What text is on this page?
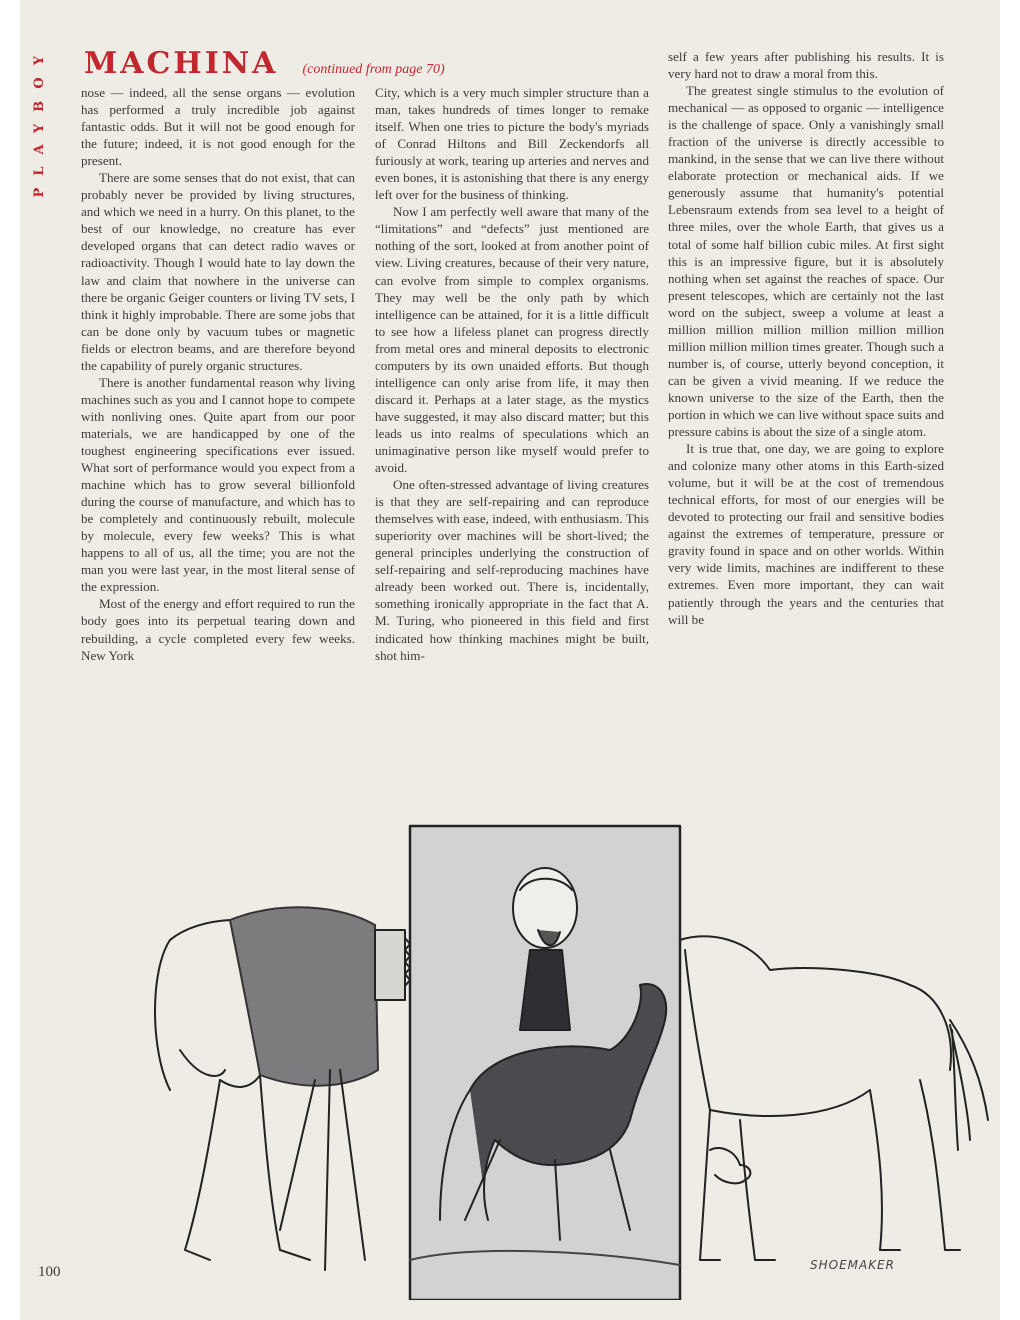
PLAYBOY MACHINA (continued from page 70)

nose — indeed, all the sense organs — evolution has performed a truly incredible job against fantastic odds. But it will not be good enough for the future; indeed, it is not good enough for the present.

There are some senses that do not exist, that can probably never be provided by living structures, and which we need in a hurry. On this planet, to the best of our knowledge, no creature has ever developed organs that can detect radio waves or radioactivity. Though I would hate to lay down the law and claim that nowhere in the universe can there be organic Geiger counters or living TV sets, I think it highly improbable. There are some jobs that can be done only by vacuum tubes or magnetic fields or electron beams, and are therefore beyond the capability of purely organic structures.

There is another fundamental reason why living machines such as you and I cannot hope to compete with nonliving ones. Quite apart from our poor materials, we are handicapped by one of the toughest engineering specifications ever issued. What sort of performance would you expect from a machine which has to grow several billionfold during the course of manufacture, and which has to be completely and continuously rebuilt, molecule by molecule, every few weeks? This is what happens to all of us, all the time; you are not the man you were last year, in the most literal sense of the expression.

Most of the energy and effort required to run the body goes into its perpetual tearing down and rebuilding, a cycle completed every few weeks. New York

City, which is a very much simpler structure than a man, takes hundreds of times longer to remake itself. When one tries to picture the body's myriads of Conrad Hiltons and Bill Zeckendorfs all furiously at work, tearing up arteries and nerves and even bones, it is astonishing that there is any energy left over for the business of thinking.

Now I am perfectly well aware that many of the “limitations” and “defects” just mentioned are nothing of the sort, looked at from another point of view. Living creatures, because of their very nature, can evolve from simple to complex organisms. They may well be the only path by which intelligence can be attained, for it is a little difficult to see how a lifeless planet can progress directly from metal ores and mineral deposits to electronic computers by its own unaided efforts. But though intelligence can only arise from life, it may then discard it. Perhaps at a later stage, as the mystics have suggested, it may also discard matter; but this leads us into realms of speculations which an unimaginative person like myself would prefer to avoid.

One often-stressed advantage of living creatures is that they are self-repairing and can reproduce themselves with ease, indeed, with enthusiasm. This superiority over machines will be short-lived; the general principles underlying the construction of self-repairing and self-reproducing machines have already been worked out. There is, incidentally, something ironically appropriate in the fact that A. M. Turing, who pioneered in this field and first indicated how thinking machines might be built, shot him-

self a few years after publishing his results. It is very hard not to draw a moral from this.

The greatest single stimulus to the evolution of mechanical — as opposed to organic — intelligence is the challenge of space. Only a vanishingly small fraction of the universe is directly accessible to mankind, in the sense that we can live there without elaborate protection or mechanical aids. If we generously assume that humanity's potential Lebensraum extends from sea level to a height of three miles, over the whole Earth, that gives us a total of some half billion cubic miles. At first sight this is an impressive figure, but it is absolutely nothing when set against the reaches of space. Our present telescopes, which are certainly not the last word on the subject, sweep a volume at least a million million million million million million million million million times greater. Though such a number is, of course, utterly beyond conception, it can be given a vivid meaning. If we reduce the known universe to the size of the Earth, then the portion in which we can live without space suits and pressure cabins is about the size of a single atom.

It is true that, one day, we are going to explore and colonize many other atoms in this Earth-sized volume, but it will be at the cost of tremendous technical efforts, for most of our energies will be devoted to protecting our frail and sensitive bodies against the extremes of temperature, pressure or gravity found in space and on other worlds. Within very wide limits, machines are indifferent to these extremes. Even more important, they can wait patiently through the years and the centuries that will be

SHOEMAKER
100
